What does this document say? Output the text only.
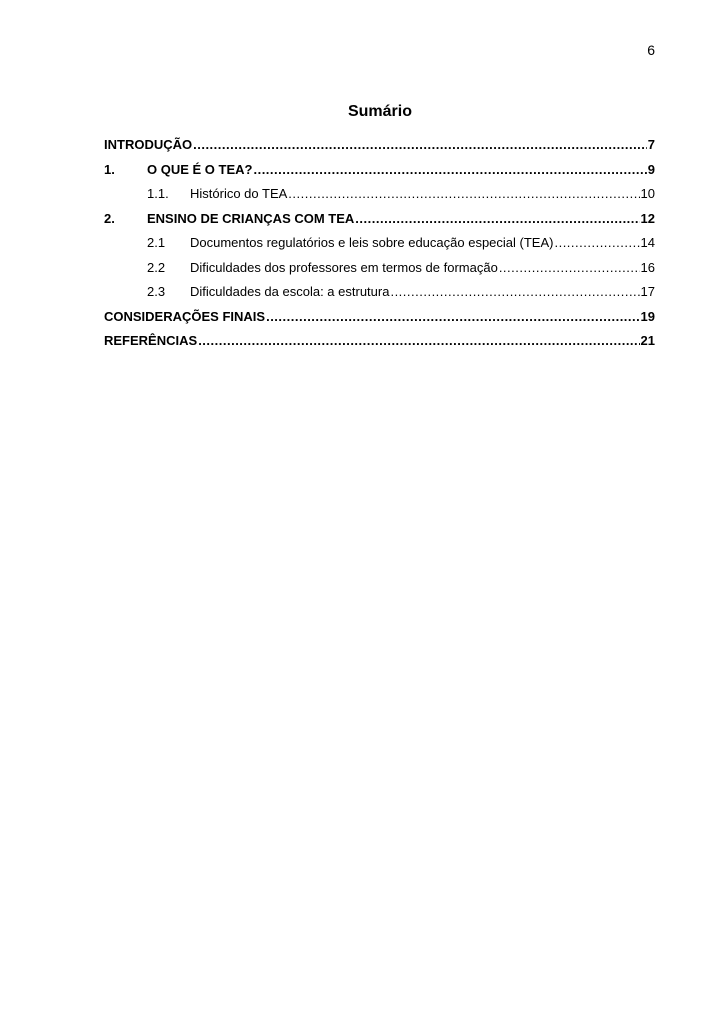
6
Sumário
INTRODUÇÃO .....	7
1.	O QUE É O TEA? .....	9
1.1.	Histórico do TEA .....	10
2.	ENSINO DE CRIANÇAS COM TEA .....	12
2.1	Documentos regulatórios e leis sobre educação especial (TEA) .....	14
2.2	Dificuldades dos professores em termos de formação .....	16
2.3	Dificuldades da escola: a estrutura .....	17
CONSIDERAÇÕES FINAIS .....	19
REFERÊNCIAS .....	21
